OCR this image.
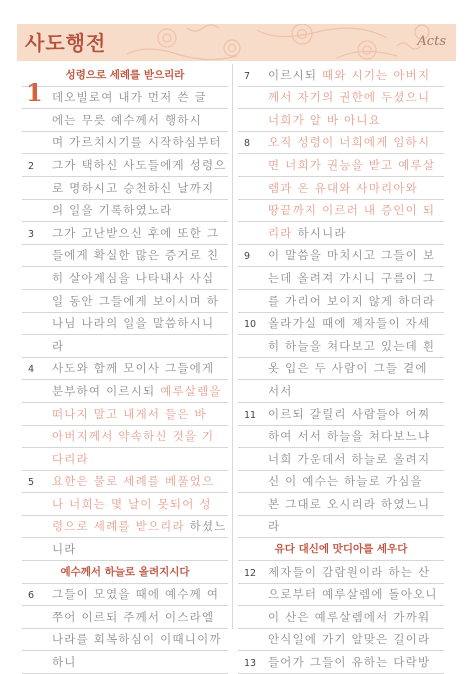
사도행전	Acts
성령으로 세례를 받으리라
1 데오빌로여 내가 먼저 쓴 글
에는 무릇 예수께서 행하시
며 가르치시기를 시작하심부터
2 그가 택하신 사도들에게 성령으
로 명하시고 승천하신 날까지
의 일을 기록하였노라
3 그가 고난받으신 후에 또한 그
들에게 확실한 많은 증거로 친
히 살아계심을 나타내사 사십
일 동안 그들에게 보이시며 하
나님 나라의 일을 말씀하시니
라
4 사도와 함께 모이사 그들에게
분부하여 이르시되 예루살렘을
떠나지 말고 내게서 들은 바
아버지께서 약속하신 것을 기
다리라
5 요한은 물로 세례를 베풀었으
나 너희는 몇 날이 못되어 성
령으로 세례를 받으리라 하셨느
니라
예수께서 하늘로 올려지시다
6 그들이 모였을 때에 예수께 여
쭈어 이르되 주께서 이스라엘
나라를 회복하심이 이때니이까
하니
7 이르시되 때와 시기는 아버지
께서 자기의 권한에 두셨으니
너희가 알 바 아니요
8 오직 성령이 너희에게 임하시
면 너희가 권능을 받고 예루살
렘과 온 유대와 사마리아와
땅끝까지 이르러 내 증인이 되
리라 하시니라
9 이 말씀을 마치시고 그들이 보
는데 올려져 가시니 구름이 그
를 가리어 보이지 않게 하더라
10 올라가실 때에 제자들이 자세
히 하늘을 쳐다보고 있는데 흰
옷 입은 두 사람이 그들 곁에
서서
11 이르되 갈릴리 사람들아 어찌
하여 서서 하늘을 쳐다보느냐
너희 가운데서 하늘로 올려지
신 이 예수는 하늘로 가심을
본 그대로 오시리라 하였느니
라
유다 대신에 맛디아를 세우다
12 제자들이 감람원이라 하는 산
으로부터 예루살렘에 돌아오니
이 산은 예루살렘에서 가까워
안식일에 가기 알맞은 길이라
13 들어가 그들이 유하는 다락방
